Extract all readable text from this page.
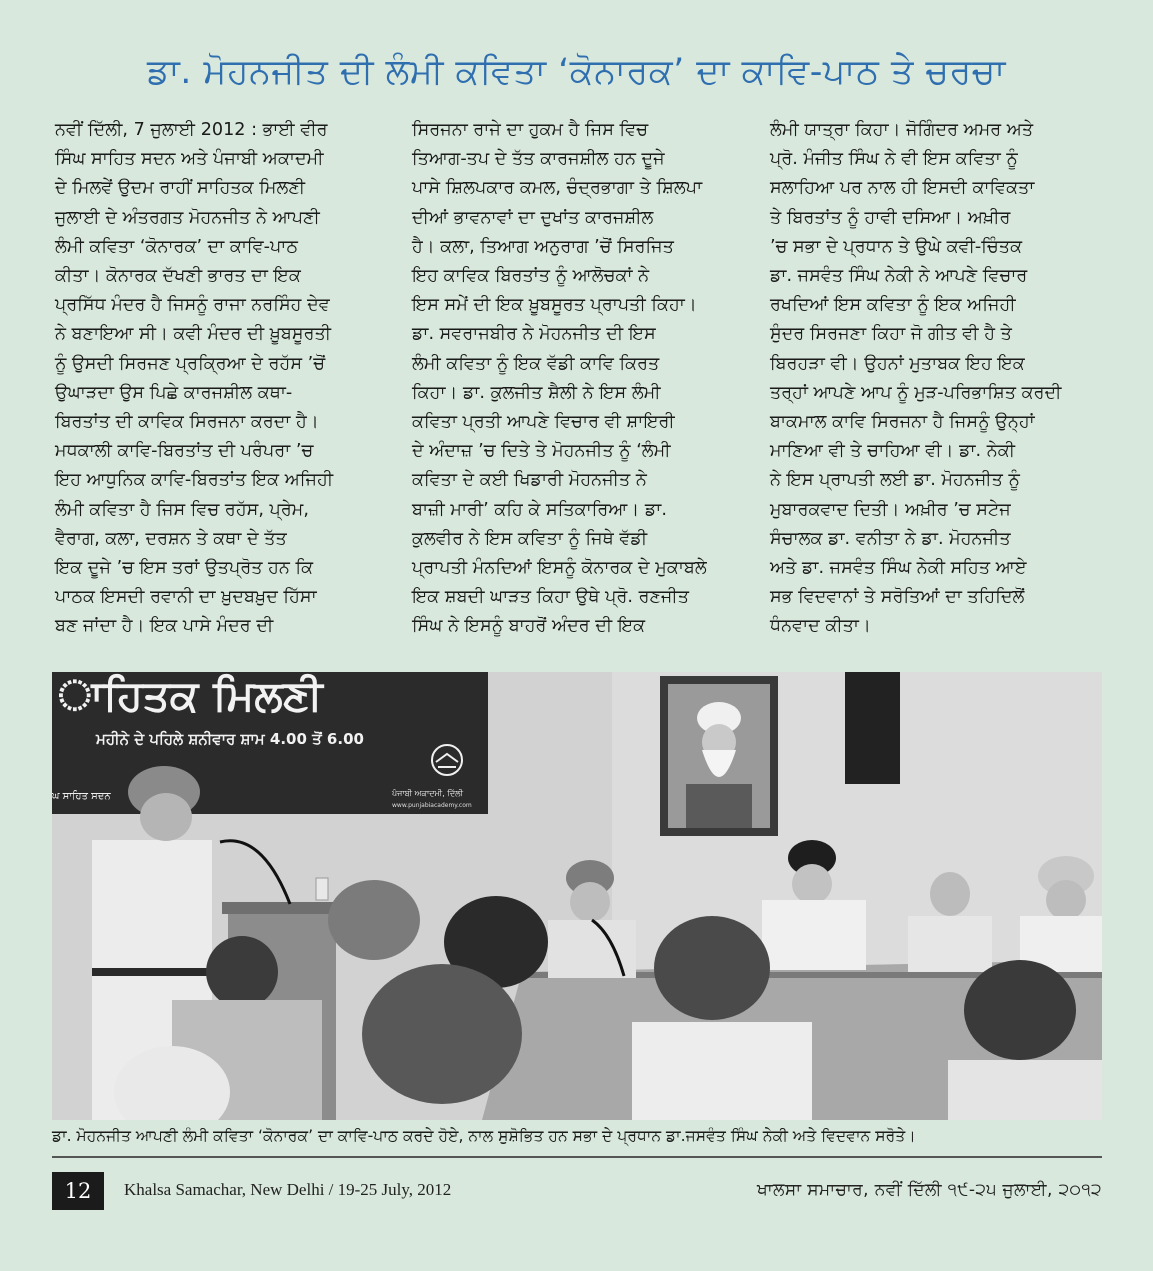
ਡਾ. ਮੋਹਨਜੀਤ ਦੀ ਲੰਮੀ ਕਵਿਤਾ ‘ਕੋਨਾਰਕ’ ਦਾ ਕਾਵਿ-ਪਾਠ ਤੇ ਚਰਚਾ
ਨਵੀਂ ਦਿੱਲੀ, 7 ਜੁਲਾਈ 2012 : ਭਾਈ ਵੀਰ
ਸਿੰਘ ਸਾਹਿਤ ਸਦਨ ਅਤੇ ਪੰਜਾਬੀ ਅਕਾਦਮੀ
ਦੇ ਮਿਲਵੇਂ ਉਦਮ ਰਾਹੀਂ ਸਾਹਿਤਕ ਮਿਲਣੀ
ਜੁਲਾਈ ਦੇ ਅੰਤਰਗਤ ਮੋਹਨਜੀਤ ਨੇ ਆਪਣੀ
ਲੰਮੀ ਕਵਿਤਾ ‘ਕੋਨਾਰਕ’ ਦਾ ਕਾਵਿ-ਪਾਠ
ਕੀਤਾ। ਕੋਨਾਰਕ ਦੱਖਣੀ ਭਾਰਤ ਦਾ ਇਕ
ਪ੍ਰਸਿੱਧ ਮੰਦਰ ਹੈ ਜਿਸਨੂੰ ਰਾਜਾ ਨਰਸਿੰਹ ਦੇਵ
ਨੇ ਬਣਾਇਆ ਸੀ। ਕਵੀ ਮੰਦਰ ਦੀ ਖ਼ੂਬਸੂਰਤੀ
ਨੂੰ ਉਸਦੀ ਸਿਰਜਣ ਪ੍ਰਕ੍ਰਿਆ ਦੇ ਰਹੱਸ ’ਚੋਂ
ਉਘਾੜਦਾ ਉਸ ਪਿਛੇ ਕਾਰਜਸ਼ੀਲ ਕਥਾ-
ਬਿਰਤਾਂਤ ਦੀ ਕਾਵਿਕ ਸਿਰਜਨਾ ਕਰਦਾ ਹੈ।
ਮਧਕਾਲੀ ਕਾਵਿ-ਬਿਰਤਾਂਤ ਦੀ ਪਰੰਪਰਾ ’ਚ
ਇਹ ਆਧੁਨਿਕ ਕਾਵਿ-ਬਿਰਤਾਂਤ ਇਕ ਅਜਿਹੀ
ਲੰਮੀ ਕਵਿਤਾ ਹੈ ਜਿਸ ਵਿਚ ਰਹੱਸ, ਪ੍ਰੇਮ,
ਵੈਰਾਗ, ਕਲਾ, ਦਰਸ਼ਨ ਤੇ ਕਥਾ ਦੇ ਤੱਤ
ਇਕ ਦੂਜੇ ’ਚ ਇਸ ਤਰਾਂ ਉਤਪ੍ਰੋਤ ਹਨ ਕਿ
ਪਾਠਕ ਇਸਦੀ ਰਵਾਨੀ ਦਾ ਖ਼ੁਦਬਖ਼ੁਦ ਹਿੱਸਾ
ਬਣ ਜਾਂਦਾ ਹੈ। ਇਕ ਪਾਸੇ ਮੰਦਰ ਦੀ
ਸਿਰਜਨਾ ਰਾਜੇ ਦਾ ਹੁਕਮ ਹੈ ਜਿਸ ਵਿਚ
ਤਿਆਗ-ਤਪ ਦੇ ਤੱਤ ਕਾਰਜਸ਼ੀਲ ਹਨ ਦੂਜੇ
ਪਾਸੇ ਸ਼ਿਲਪਕਾਰ ਕਮਲ, ਚੰਦ੍ਰਭਾਗਾ ਤੇ ਸ਼ਿਲਪਾ
ਦੀਆਂ ਭਾਵਨਾਵਾਂ ਦਾ ਦੁਖਾਂਤ ਕਾਰਜਸ਼ੀਲ
ਹੈ। ਕਲਾ, ਤਿਆਗ ਅਨੁਰਾਗ ’ਚੋਂ ਸਿਰਜਿਤ
ਇਹ ਕਾਵਿਕ ਬਿਰਤਾਂਤ ਨੂੰ ਆਲੋਚਕਾਂ ਨੇ
ਇਸ ਸਮੇਂ ਦੀ ਇਕ ਖ਼ੂਬਸੂਰਤ ਪ੍ਰਾਪਤੀ ਕਿਹਾ।
ਡਾ. ਸਵਰਾਜਬੀਰ ਨੇ ਮੋਹਨਜੀਤ ਦੀ ਇਸ
ਲੰਮੀ ਕਵਿਤਾ ਨੂੰ ਇਕ ਵੱਡੀ ਕਾਵਿ ਕਿਰਤ
ਕਿਹਾ। ਡਾ. ਕੁਲਜੀਤ ਸ਼ੈਲੀ ਨੇ ਇਸ ਲੰਮੀ
ਕਵਿਤਾ ਪ੍ਰਤੀ ਆਪਣੇ ਵਿਚਾਰ ਵੀ ਸ਼ਾਇਰੀ
ਦੇ ਅੰਦਾਜ਼ ’ਚ ਦਿਤੇ ਤੇ ਮੋਹਨਜੀਤ ਨੂੰ ‘ਲੰਮੀ
ਕਵਿਤਾ ਦੇ ਕਈ ਖਿਡਾਰੀ ਮੋਹਨਜੀਤ ਨੇ
ਬਾਜ਼ੀ ਮਾਰੀ’ ਕਹਿ ਕੇ ਸਤਿਕਾਰਿਆ। ਡਾ.
ਕੁਲਵੀਰ ਨੇ ਇਸ ਕਵਿਤਾ ਨੂੰ ਜਿਥੇ ਵੱਡੀ
ਪ੍ਰਾਪਤੀ ਮੰਨਦਿਆਂ ਇਸਨੂੰ ਕੋਨਾਰਕ ਦੇ ਮੁਕਾਬਲੇ
ਇਕ ਸ਼ਬਦੀ ਘਾੜਤ ਕਿਹਾ ਉਥੇ ਪ੍ਰੋ. ਰਣਜੀਤ
ਸਿੰਘ ਨੇ ਇਸਨੂੰ ਬਾਹਰੋਂ ਅੰਦਰ ਦੀ ਇਕ
ਲੰਮੀ ਯਾਤ੍ਰਾ ਕਿਹਾ। ਜੋਗਿੰਦਰ ਅਮਰ ਅਤੇ
ਪ੍ਰੋ. ਮੰਜੀਤ ਸਿੰਘ ਨੇ ਵੀ ਇਸ ਕਵਿਤਾ ਨੂੰ
ਸਲਾਹਿਆ ਪਰ ਨਾਲ ਹੀ ਇਸਦੀ ਕਾਵਿਕਤਾ
ਤੇ ਬਿਰਤਾਂਤ ਨੂੰ ਹਾਵੀ ਦਸਿਆ। ਅਖ਼ੀਰ
’ਚ ਸਭਾ ਦੇ ਪ੍ਰਧਾਨ ਤੇ ਉਘੇ ਕਵੀ-ਚਿੰਤਕ
ਡਾ. ਜਸਵੰਤ ਸਿੰਘ ਨੇਕੀ ਨੇ ਆਪਣੇ ਵਿਚਾਰ
ਰਖਦਿਆਂ ਇਸ ਕਵਿਤਾ ਨੂੰ ਇਕ ਅਜਿਹੀ
ਸੁੰਦਰ ਸਿਰਜਣਾ ਕਿਹਾ ਜੋ ਗੀਤ ਵੀ ਹੈ ਤੇ
ਬਿਰਹੜਾ ਵੀ। ਉਹਨਾਂ ਮੁਤਾਬਕ ਇਹ ਇਕ
ਤਰ੍ਹਾਂ ਆਪਣੇ ਆਪ ਨੂੰ ਮੁੜ-ਪਰਿਭਾਸ਼ਿਤ ਕਰਦੀ
ਬਾਕਮਾਲ ਕਾਵਿ ਸਿਰਜਨਾ ਹੈ ਜਿਸਨੂੰ ਉਨ੍ਹਾਂ
ਮਾਣਿਆ ਵੀ ਤੇ ਚਾਹਿਆ ਵੀ। ਡਾ. ਨੇਕੀ
ਨੇ ਇਸ ਪ੍ਰਾਪਤੀ ਲਈ ਡਾ. ਮੋਹਨਜੀਤ ਨੂੰ
ਮੁਬਾਰਕਵਾਦ ਦਿਤੀ। ਅਖ਼ੀਰ ’ਚ ਸਟੇਜ
ਸੰਚਾਲਕ ਡਾ. ਵਨੀਤਾ ਨੇ ਡਾ. ਮੋਹਨਜੀਤ
ਅਤੇ ਡਾ. ਜਸਵੰਤ ਸਿੰਘ ਨੇਕੀ ਸਹਿਤ ਆਏ
ਸਭ ਵਿਦਵਾਨਾਂ ਤੇ ਸਰੋਤਿਆਂ ਦਾ ਤਹਿਦਿਲੋਂ
ਧੰਨਵਾਦ ਕੀਤਾ।
ਾਹਿਤਕ ਮਿਲਣੀ
ਮਹੀਨੇ ਦੇ ਪਹਿਲੇ ਸ਼ਨੀਵਾਰ ਸ਼ਾਮ 4.00 ਤੋਂ 6.00
ਘ ਸਾਹਿਤ ਸਦਨ	ਪੰਜਾਬੀ ਅਕਾਦਮੀ, ਦਿੱਲੀ
www.punjabiacademy.com
ਡਾ. ਮੋਹਨਜੀਤ ਆਪਣੀ ਲੰਮੀ ਕਵਿਤਾ ‘ਕੋਨਾਰਕ’ ਦਾ ਕਾਵਿ-ਪਾਠ ਕਰਦੇ ਹੋਏ, ਨਾਲ ਸੁਸ਼ੋਭਿਤ ਹਨ ਸਭਾ ਦੇ ਪ੍ਰਧਾਨ ਡਾ.ਜਸਵੰਤ ਸਿੰਘ ਨੇਕੀ ਅਤੇ ਵਿਦਵਾਨ ਸਰੋਤੇ।
12	Khalsa Samachar, New Delhi / 19-25 July, 2012	ਖਾਲਸਾ ਸਮਾਚਾਰ, ਨਵੀਂ ਦਿੱਲੀ ੧੯-੨੫ ਜੁਲਾਈ, ੨੦੧੨
